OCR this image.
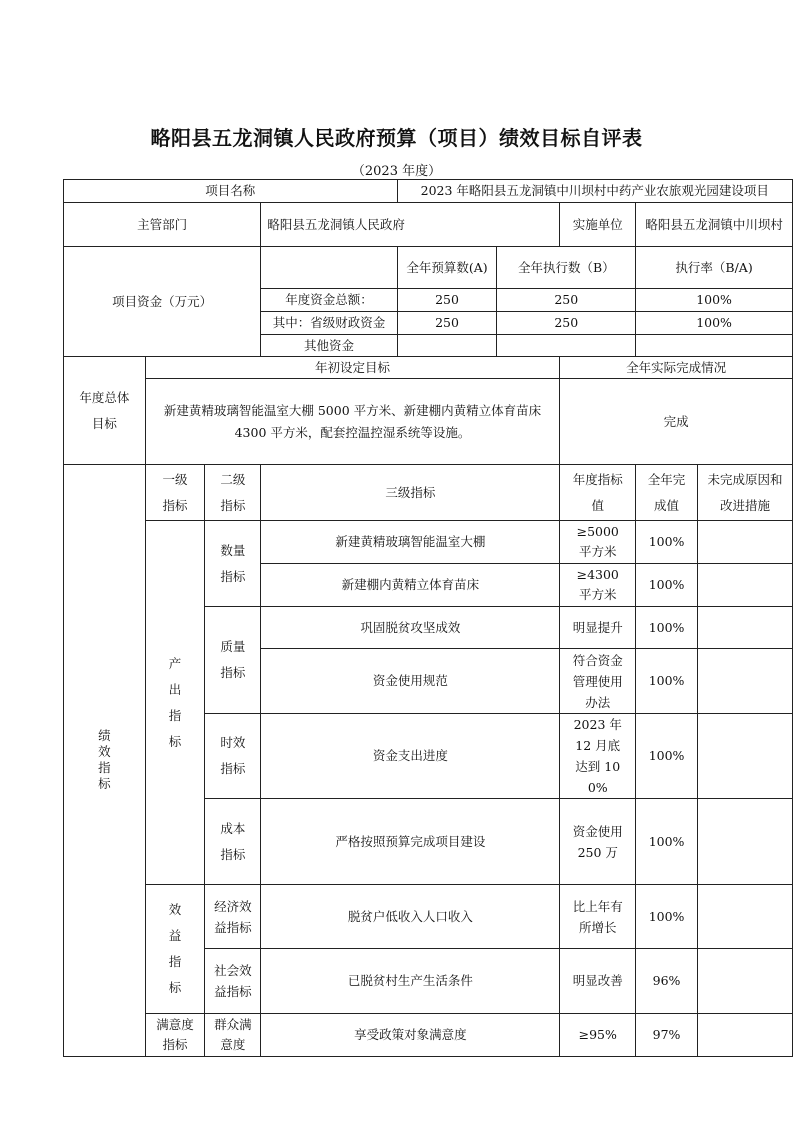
略阳县五龙洞镇人民政府预算（项目）绩效目标自评表
（2023 年度）
项目名称				2023 年略阳县五龙洞镇中川坝村中药产业农旅观光园建设项目				
主管部门			略阳县五龙洞镇人民政府			实施单位	略阳县五龙洞镇中川坝村	
项目资金（万元）				全年预算数(A)	全年执行数（B）		执行率（B/A)	
			年度资金总额：	250	250		100%	
			其中：省级财政资金	250	250		100%	
			其他资金					
年度总体目标	年初设定目标					全年实际完成情况		
	新建黄精玻璃智能温室大棚 5000 平方米、新建棚内黄精立体育苗床 4300 平方米，配套控温控湿系统等设施。					完成		
绩效指标	一级指标	二级指标	三级指标			年度指标值	全年完成值	未完成原因和改进措施
	产出指标	数量指标	新建黄精玻璃智能温室大棚			≥5000 平方米	100%	
			新建棚内黄精立体育苗床			≥4300 平方米	100%	
		质量指标	巩固脱贫攻坚成效			明显提升	100%	
			资金使用规范			符合资金管理使用办法	100%	
		时效指标	资金支出进度			2023 年 12 月底达到 100%	100%	
		成本指标	严格按照预算完成项目建设			资金使用 250 万	100%	
	效益指标	经济效益指标	脱贫户低收入人口收入			比上年有所增长	100%	
		社会效益指标	已脱贫村生产生活条件			明显改善	96%	
	满意度指标	群众满意度	享受政策对象满意度			≥95%	97%	
